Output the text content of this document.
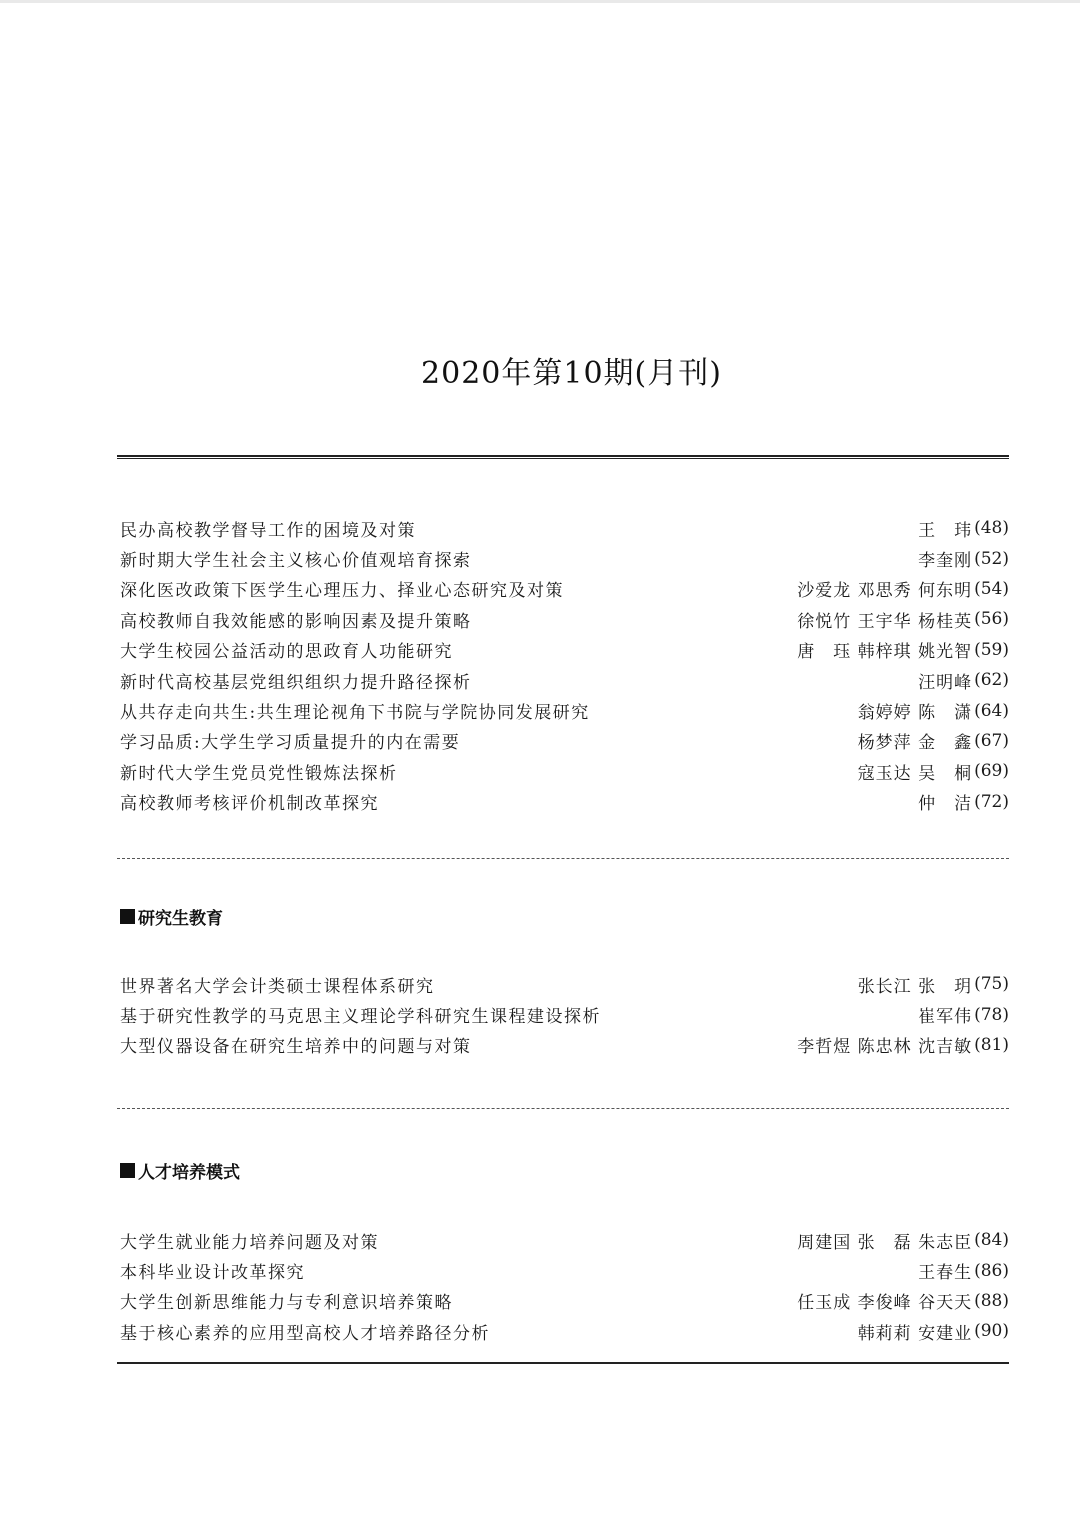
2020年第10期(月刊)
民办高校教学督导工作的困境及对策	王　玮 (48)
新时期大学生社会主义核心价值观培育探索	李奎刚 (52)
深化医改政策下医学生心理压力、择业心态研究及对策	沙爱龙 邓思秀 何东明 (54)
高校教师自我效能感的影响因素及提升策略	徐悦竹 王宇华 杨桂英 (56)
大学生校园公益活动的思政育人功能研究	唐　珏 韩梓琪 姚光智 (59)
新时代高校基层党组织组织力提升路径探析	汪明峰 (62)
从共存走向共生:共生理论视角下书院与学院协同发展研究	翁婷婷 陈　潇 (64)
学习品质:大学生学习质量提升的内在需要	杨梦萍 金　鑫 (67)
新时代大学生党员党性锻炼法探析	寇玉达 吴　桐 (69)
高校教师考核评价机制改革探究	仲　洁 (72)
研究生教育
世界著名大学会计类硕士课程体系研究	张长江 张　玥 (75)
基于研究性教学的马克思主义理论学科研究生课程建设探析	崔军伟 (78)
大型仪器设备在研究生培养中的问题与对策	李哲煜 陈忠林 沈吉敏 (81)
人才培养模式
大学生就业能力培养问题及对策	周建国 张　磊 朱志臣 (84)
本科毕业设计改革探究	王春生 (86)
大学生创新思维能力与专利意识培养策略	任玉成 李俊峰 谷天天 (88)
基于核心素养的应用型高校人才培养路径分析	韩莉莉 安建业 (90)
